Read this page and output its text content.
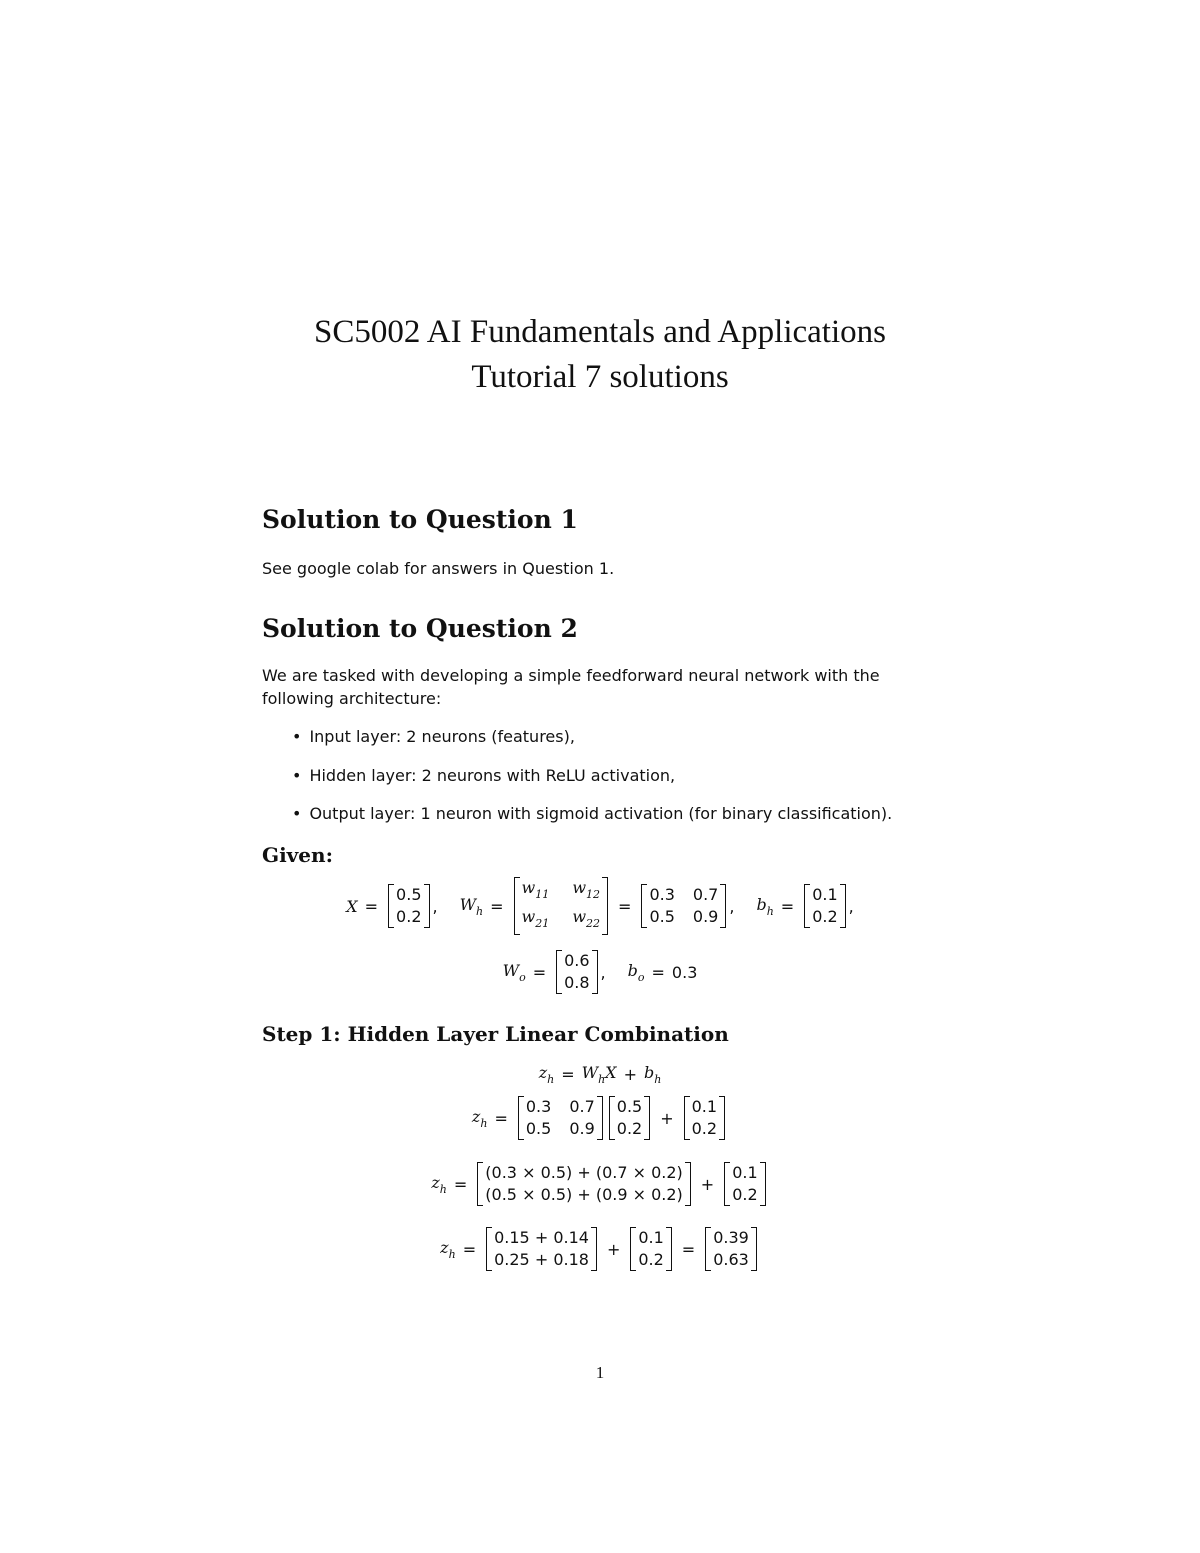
SC5002 AI Fundamentals and Applications
Tutorial 7 solutions
Solution to Question 1
See google colab for answers in Question 1.
Solution to Question 2
We are tasked with developing a simple feedforward neural network with the following architecture:
• Input layer: 2 neurons (features),
• Hidden layer: 2 neurons with ReLU activation,
• Output layer: 1 neuron with sigmoid activation (for binary classification).
Given:
X =
0.5
0.2
, $W_h$ =
$w_{11}$ $w_{12}$
$w_{21}$ $w_{22}$
=
0.3 0.7
0.5 0.9
, $b_h$ =
0.1
0.2
,
$W_o$ =
0.6
0.8
, $b_o = 0.3$
Step 1: Hidden Layer Linear Combination
$z_h = W_hX + b_h$
$z_h$ =
0.3 0.7
0.5 0.9
0.5
0.2
+
0.1
0.2
$z_h$ =
(0.3 × 0.5) + (0.7 × 0.2)
(0.5 × 0.5) + (0.9 × 0.2)
+
0.1
0.2
$z_h$ =
0.15 + 0.14
0.25 + 0.18
+
0.1
0.2
=
0.39
0.63
1
